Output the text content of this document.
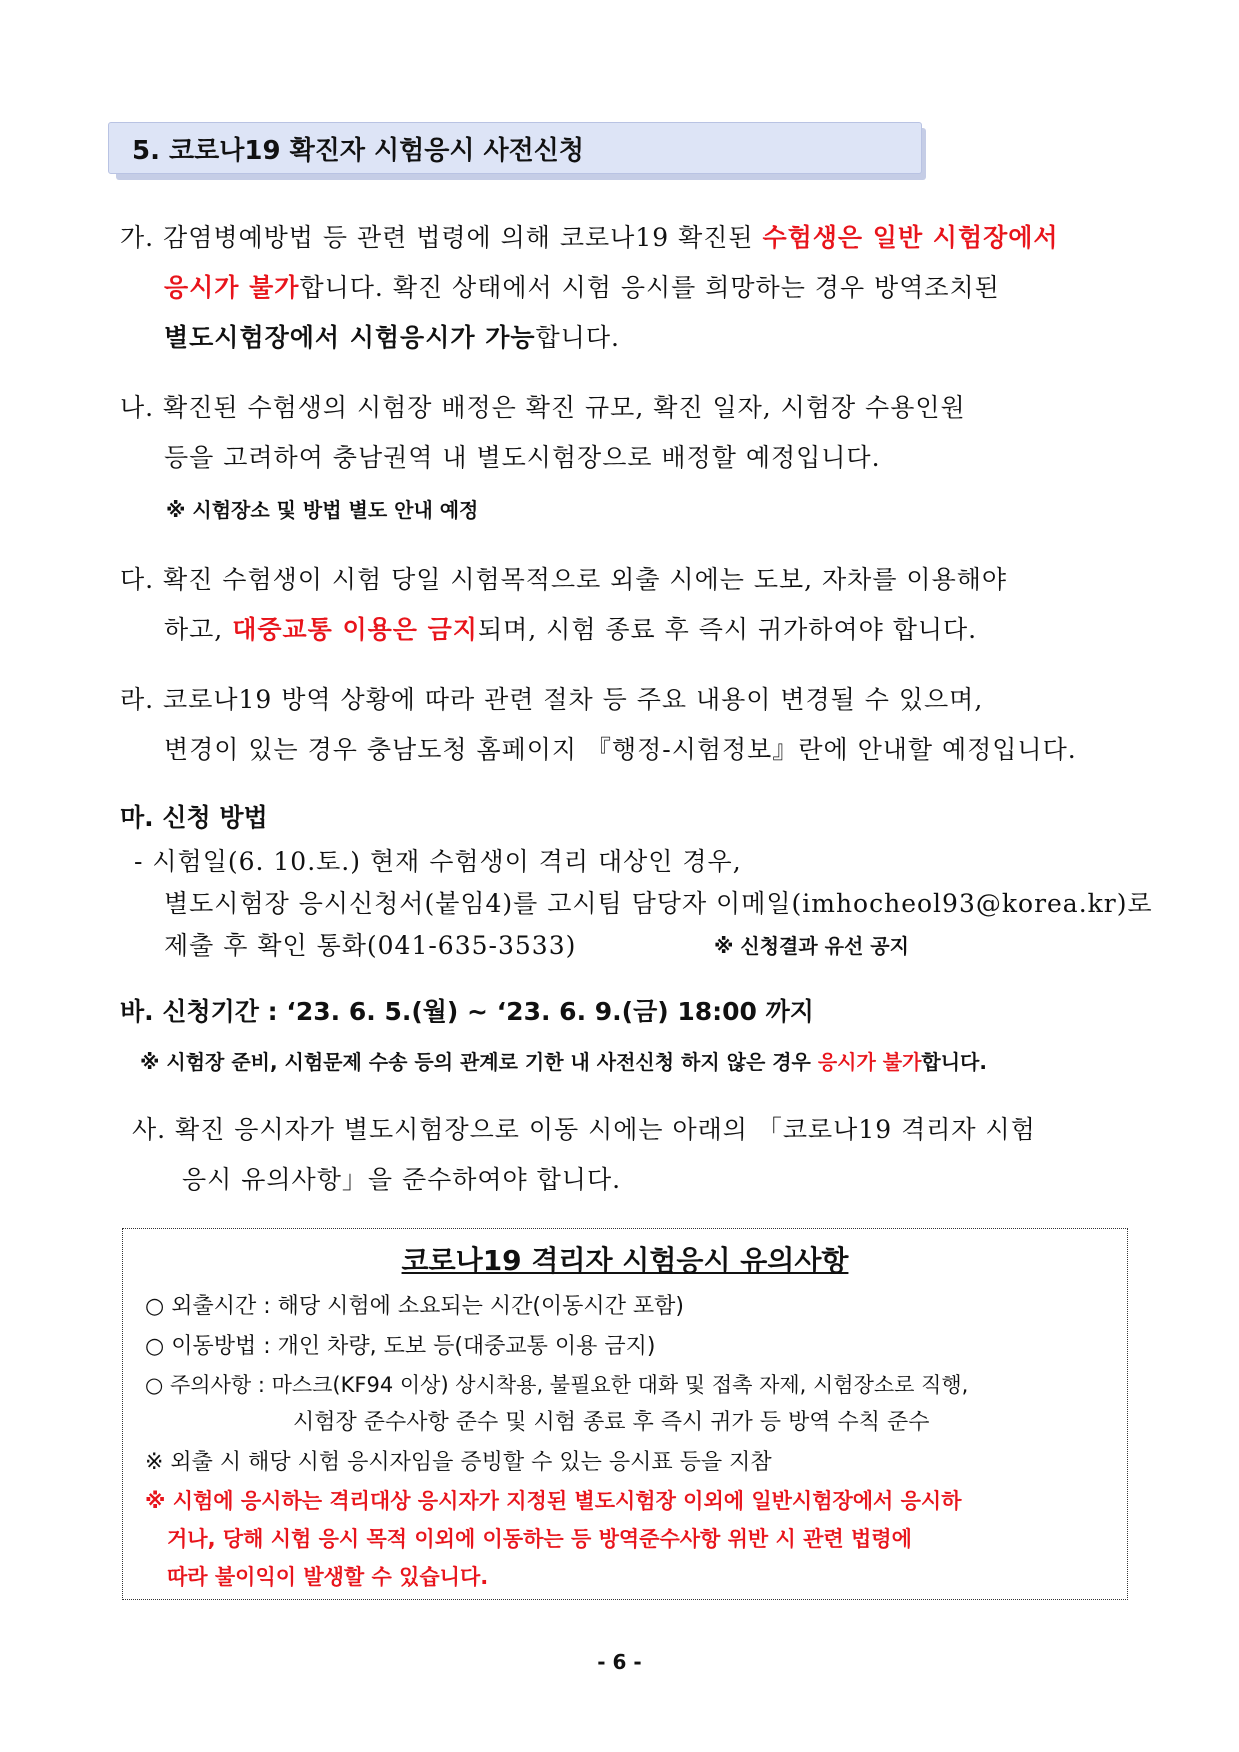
5. 코로나19 확진자 시험응시 사전신청
가. 감염병예방법 등 관련 법령에 의해 코로나19 확진된 수험생은 일반 시험장에서
응시가 불가합니다. 확진 상태에서 시험 응시를 희망하는 경우 방역조치된
별도시험장에서 시험응시가 가능합니다.
나. 확진된 수험생의 시험장 배정은 확진 규모, 확진 일자, 시험장 수용인원
등을 고려하여 충남권역 내 별도시험장으로 배정할 예정입니다.
※ 시험장소 및 방법 별도 안내 예정
다. 확진 수험생이 시험 당일 시험목적으로 외출 시에는 도보, 자차를 이용해야
하고, 대중교통 이용은 금지되며, 시험 종료 후 즉시 귀가하여야 합니다.
라. 코로나19 방역 상황에 따라 관련 절차 등 주요 내용이 변경될 수 있으며,
변경이 있는 경우 충남도청 홈페이지 『행정-시험정보』란에 안내할 예정입니다.
마. 신청 방법
- 시험일(6. 10.토.) 현재 수험생이 격리 대상인 경우,
별도시험장 응시신청서(붙임4)를 고시팀 담당자 이메일(imhocheol93@korea.kr)로
제출 후 확인 통화(041-635-3533)	※ 신청결과 유선 공지
바. 신청기간 : ‘23. 6. 5.(월) ~ ‘23. 6. 9.(금) 18:00 까지
※ 시험장 준비, 시험문제 수송 등의 관계로 기한 내 사전신청 하지 않은 경우 응시가 불가합니다.
사. 확진 응시자가 별도시험장으로 이동 시에는 아래의 「코로나19 격리자 시험
응시 유의사항」을 준수하여야 합니다.
코로나19 격리자 시험응시 유의사항
○ 외출시간 : 해당 시험에 소요되는 시간(이동시간 포함)
○ 이동방법 : 개인 차량, 도보 등(대중교통 이용 금지)
○ 주의사항 : 마스크(KF94 이상) 상시착용, 불필요한 대화 및 접촉 자제, 시험장소로 직행,
시험장 준수사항 준수 및 시험 종료 후 즉시 귀가 등 방역 수칙 준수
※ 외출 시 해당 시험 응시자임을 증빙할 수 있는 응시표 등을 지참
※ 시험에 응시하는 격리대상 응시자가 지정된 별도시험장 이외에 일반시험장에서 응시하
거나, 당해 시험 응시 목적 이외에 이동하는 등 방역준수사항 위반 시 관련 법령에
따라 불이익이 발생할 수 있습니다.
- 6 -
